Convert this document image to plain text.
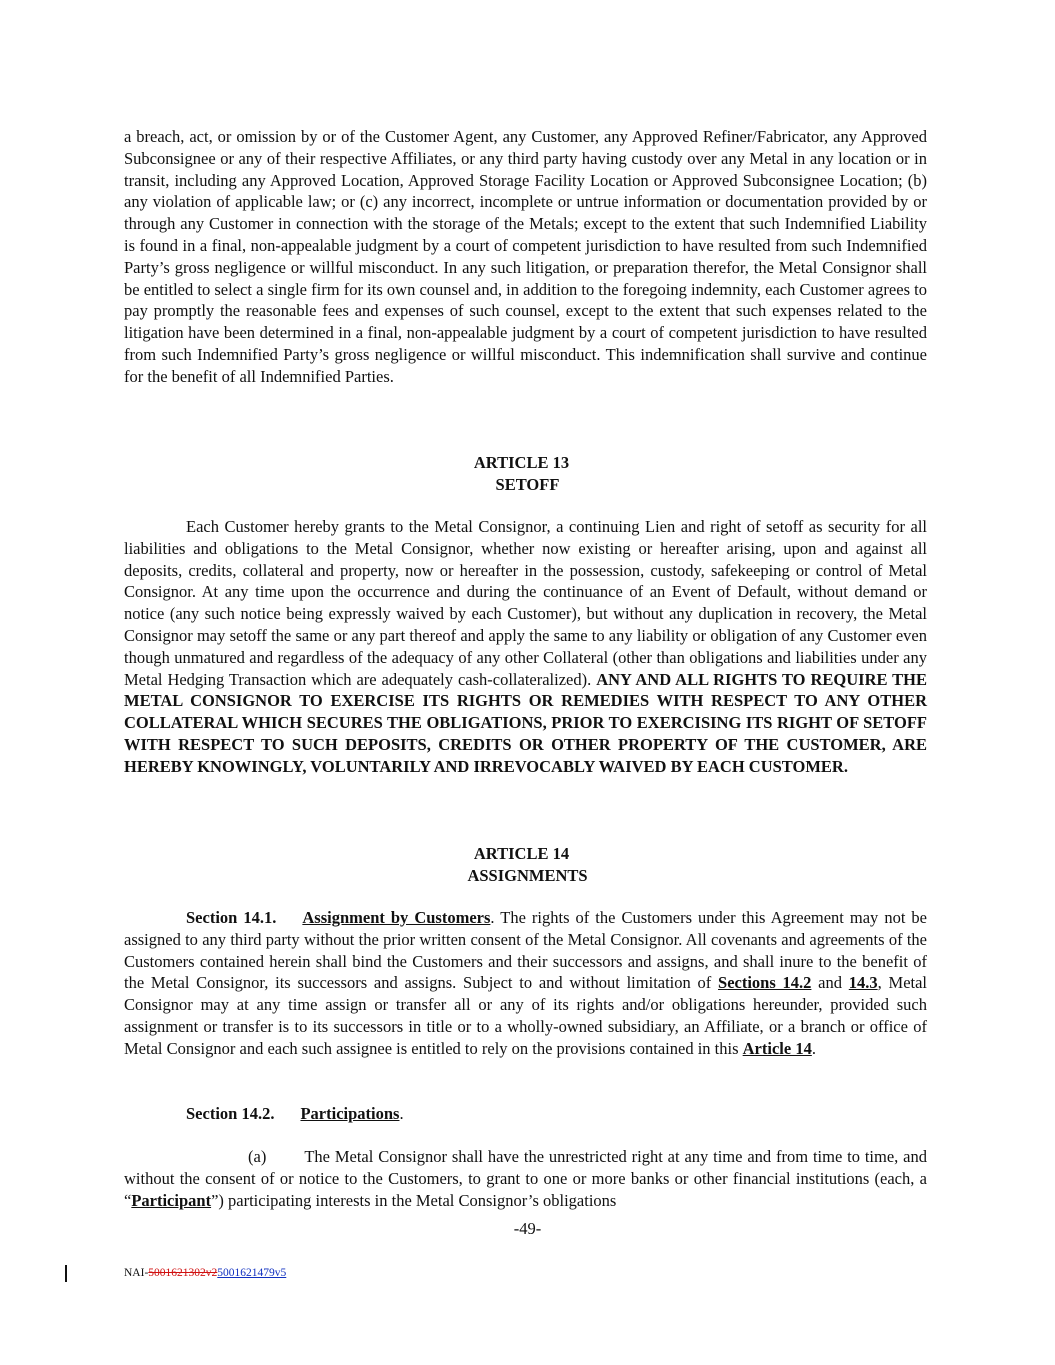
a breach, act, or omission by or of the Customer Agent, any Customer, any Approved Refiner/Fabricator, any Approved Subconsignee or any of their respective Affiliates, or any third party having custody over any Metal in any location or in transit, including any Approved Location, Approved Storage Facility Location or Approved Subconsignee Location; (b) any violation of applicable law; or (c) any incorrect, incomplete or untrue information or documentation provided by or through any Customer in connection with the storage of the Metals; except to the extent that such Indemnified Liability is found in a final, non-appealable judgment by a court of competent jurisdiction to have resulted from such Indemnified Party’s gross negligence or willful misconduct. In any such litigation, or preparation therefor, the Metal Consignor shall be entitled to select a single firm for its own counsel and, in addition to the foregoing indemnity, each Customer agrees to pay promptly the reasonable fees and expenses of such counsel, except to the extent that such expenses related to the litigation have been determined in a final, non-appealable judgment by a court of competent jurisdiction to have resulted from such Indemnified Party’s gross negligence or willful misconduct. This indemnification shall survive and continue for the benefit of all Indemnified Parties.

ARTICLE 13

SETOFF

Each Customer hereby grants to the Metal Consignor, a continuing Lien and right of setoff as security for all liabilities and obligations to the Metal Consignor, whether now existing or hereafter arising, upon and against all deposits, credits, collateral and property, now or hereafter in the possession, custody, safekeeping or control of Metal Consignor. At any time upon the occurrence and during the continuance of an Event of Default, without demand or notice (any such notice being expressly waived by each Customer), but without any duplication in recovery, the Metal Consignor may setoff the same or any part thereof and apply the same to any liability or obligation of any Customer even though unmatured and regardless of the adequacy of any other Collateral (other than obligations and liabilities under any Metal Hedging Transaction which are adequately cash-collateralized). ANY AND ALL RIGHTS TO REQUIRE THE METAL CONSIGNOR TO EXERCISE ITS RIGHTS OR REMEDIES WITH RESPECT TO ANY OTHER COLLATERAL WHICH SECURES THE OBLIGATIONS, PRIOR TO EXERCISING ITS RIGHT OF SETOFF WITH RESPECT TO SUCH DEPOSITS, CREDITS OR OTHER PROPERTY OF THE CUSTOMER, ARE HEREBY KNOWINGLY, VOLUNTARILY AND IRREVOCABLY WAIVED BY EACH CUSTOMER.

ARTICLE 14

ASSIGNMENTS

Section 14.1. Assignment by Customers. The rights of the Customers under this Agreement may not be assigned to any third party without the prior written consent of the Metal Consignor. All covenants and agreements of the Customers contained herein shall bind the Customers and their successors and assigns, and shall inure to the benefit of the Metal Consignor, its successors and assigns. Subject to and without limitation of Sections 14.2 and 14.3, Metal Consignor may at any time assign or transfer all or any of its rights and/or obligations hereunder, provided such assignment or transfer is to its successors in title or to a wholly-owned subsidiary, an Affiliate, or a branch or office of Metal Consignor and each such assignee is entitled to rely on the provisions contained in this Article 14.

Section 14.2. Participations.

(a) The Metal Consignor shall have the unrestricted right at any time and from time to time, and without the consent of or notice to the Customers, to grant to one or more banks or other financial institutions (each, a “Participant”) participating interests in the Metal Consignor’s obligations

-49-
NAI-5001621302v25001621479v5
